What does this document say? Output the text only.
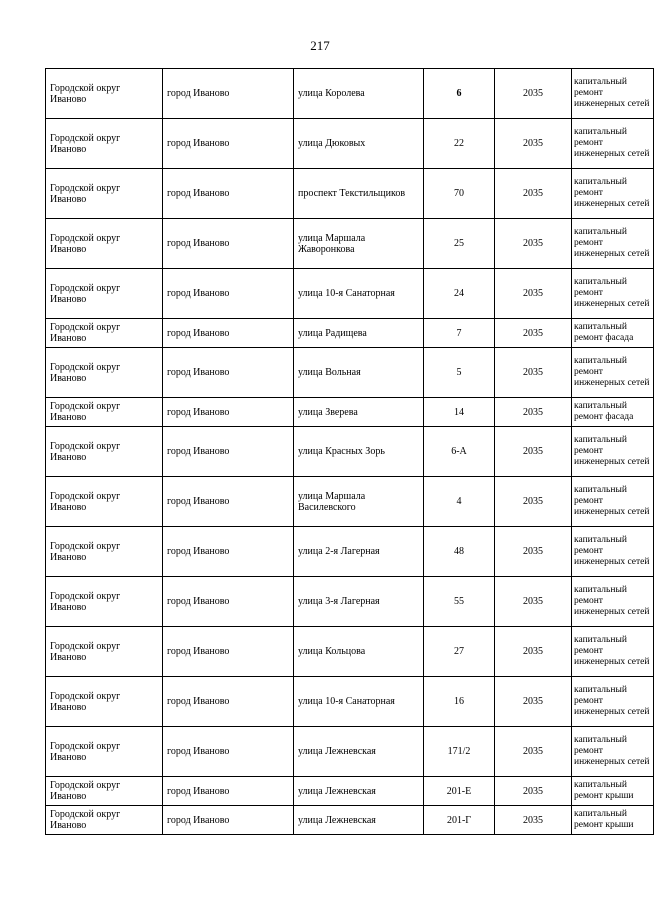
217
Городской округ Иваново	город Иваново	улица Королева	6	2035	капитальный ремонт инженерных сетей
Городской округ Иваново	город Иваново	улица Дюковых	22	2035	капитальный ремонт инженерных сетей
Городской округ Иваново	город Иваново	проспект Текстильщиков	70	2035	капитальный ремонт инженерных сетей
Городской округ Иваново	город Иваново	улица Маршала Жаворонкова	25	2035	капитальный ремонт инженерных сетей
Городской округ Иваново	город Иваново	улица 10-я Санаторная	24	2035	капитальный ремонт инженерных сетей
Городской округ Иваново	город Иваново	улица Радищева	7	2035	капитальный ремонт фасада
Городской округ Иваново	город Иваново	улица Вольная	5	2035	капитальный ремонт инженерных сетей
Городской округ Иваново	город Иваново	улица Зверева	14	2035	капитальный ремонт фасада
Городской округ Иваново	город Иваново	улица Красных Зорь	6-А	2035	капитальный ремонт инженерных сетей
Городской округ Иваново	город Иваново	улица Маршала Василевского	4	2035	капитальный ремонт инженерных сетей
Городской округ Иваново	город Иваново	улица 2-я Лагерная	48	2035	капитальный ремонт инженерных сетей
Городской округ Иваново	город Иваново	улица 3-я Лагерная	55	2035	капитальный ремонт инженерных сетей
Городской округ Иваново	город Иваново	улица Кольцова	27	2035	капитальный ремонт инженерных сетей
Городской округ Иваново	город Иваново	улица 10-я Санаторная	16	2035	капитальный ремонт инженерных сетей
Городской округ Иваново	город Иваново	улица Лежневская	171/2	2035	капитальный ремонт инженерных сетей
Городской округ Иваново	город Иваново	улица Лежневская	201-Е	2035	капитальный ремонт крыши
Городской округ Иваново	город Иваново	улица Лежневская	201-Г	2035	капитальный ремонт крыши
